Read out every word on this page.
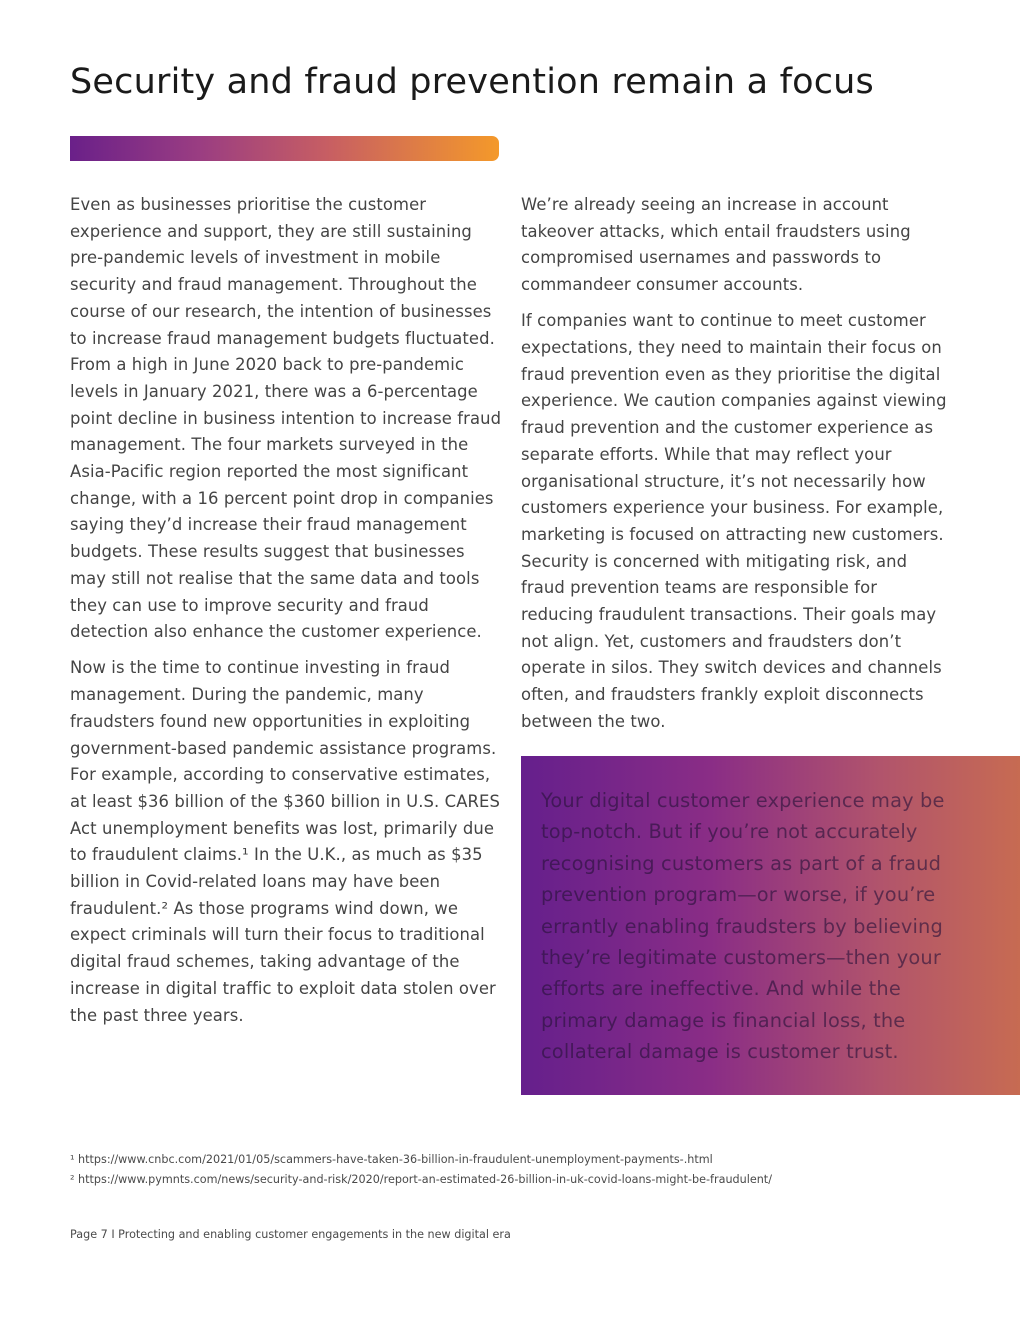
Security and fraud prevention remain a focus

Even as businesses prioritise the customer experience and support, they are still sustaining pre-pandemic levels of investment in mobile security and fraud management. Throughout the course of our research, the intention of businesses to increase fraud management budgets fluctuated. From a high in June 2020 back to pre-pandemic levels in January 2021, there was a 6-percentage point decline in business intention to increase fraud management. The four markets surveyed in the Asia-Pacific region reported the most significant change, with a 16 percent point drop in companies saying they’d increase their fraud management budgets. These results suggest that businesses may still not realise that the same data and tools they can use to improve security and fraud detection also enhance the customer experience.

Now is the time to continue investing in fraud management. During the pandemic, many fraudsters found new opportunities in exploiting government-based pandemic assistance programs. For example, according to conservative estimates, at least $36 billion of the $360 billion in U.S. CARES Act unemployment benefits was lost, primarily due to fraudulent claims.¹ In the U.K., as much as $35 billion in Covid-related loans may have been fraudulent.² As those programs wind down, we expect criminals will turn their focus to traditional digital fraud schemes, taking advantage of the increase in digital traffic to exploit data stolen over the past three years.

We’re already seeing an increase in account takeover attacks, which entail fraudsters using compromised usernames and passwords to commandeer consumer accounts.

If companies want to continue to meet customer expectations, they need to maintain their focus on fraud prevention even as they prioritise the digital experience. We caution companies against viewing fraud prevention and the customer experience as separate efforts. While that may reflect your organisational structure, it’s not necessarily how customers experience your business. For example, marketing is focused on attracting new customers. Security is concerned with mitigating risk, and fraud prevention teams are responsible for reducing fraudulent transactions. Their goals may not align. Yet, customers and fraudsters don’t operate in silos. They switch devices and channels often, and fraudsters frankly exploit disconnects between the two.

Your digital customer experience may be top-notch. But if you’re not accurately recognising customers as part of a fraud prevention program—or worse, if you’re errantly enabling fraudsters by believing they’re legitimate customers—then your efforts are ineffective. And while the primary damage is financial loss, the collateral damage is customer trust.
¹ https://www.cnbc.com/2021/01/05/scammers-have-taken-36-billion-in-fraudulent-unemployment-payments-.html
² https://www.pymnts.com/news/security-and-risk/2020/report-an-estimated-26-billion-in-uk-covid-loans-might-be-fraudulent/
Page 7 I Protecting and enabling customer engagements in the new digital era
